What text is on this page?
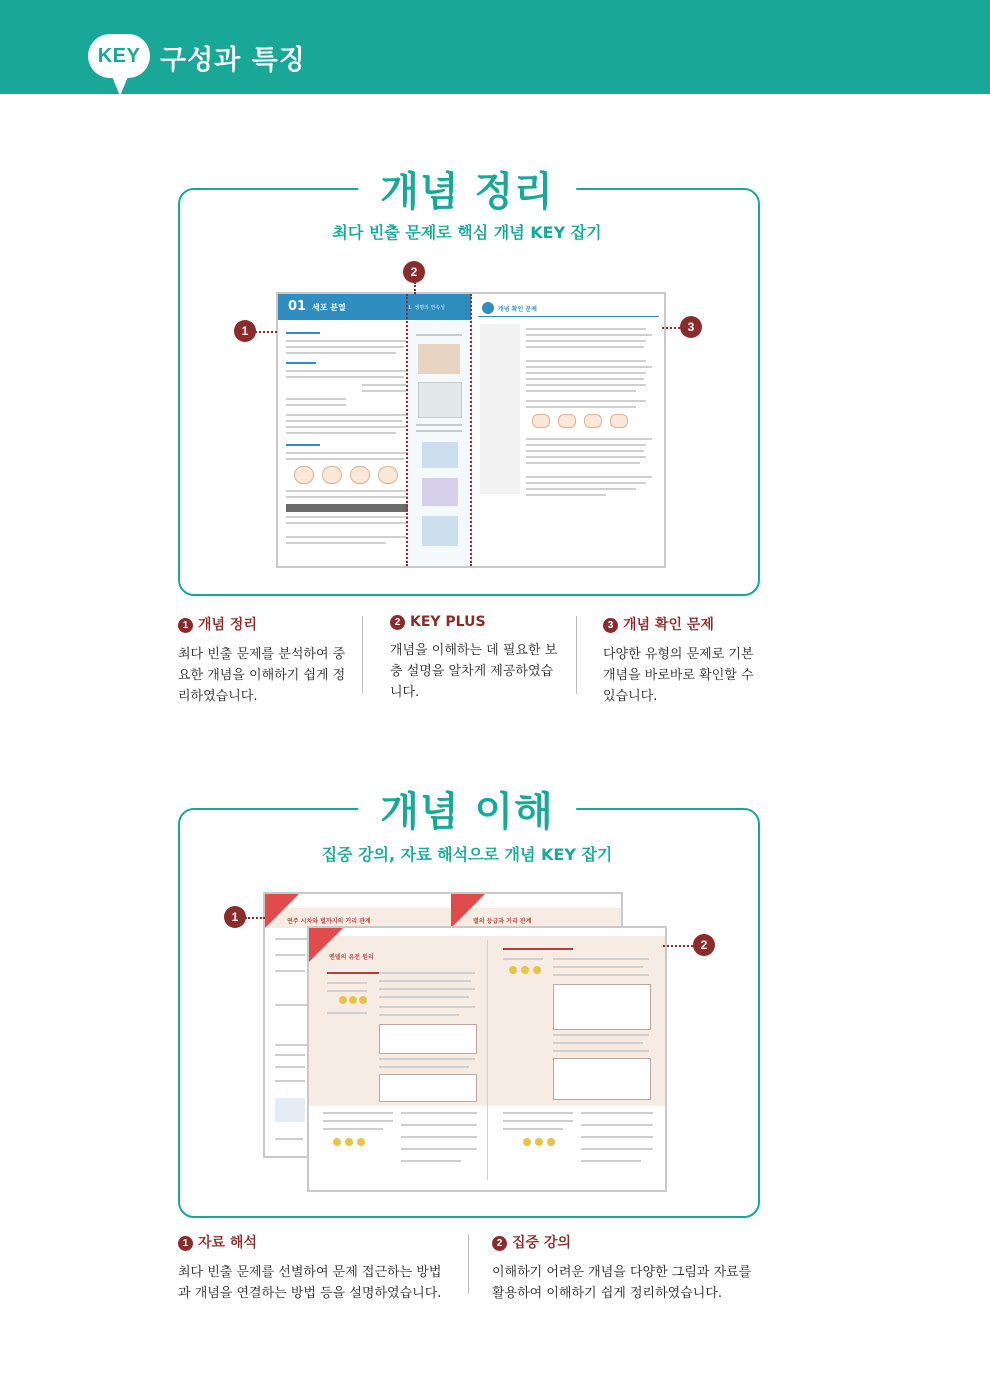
KEY 구성과 특징
개념 정리
최다 빈출 문제로 핵심 개념 KEY 잡기
01 세포 분열	1. 생명의 연속성	개념 확인 문제
1
2
3
1 개념 정리
최다 빈출 문제를 분석하여 중요한 개념을 이해하기 쉽게 정리하였습니다.
2 KEY PLUS
개념을 이해하는 데 필요한 보충 설명을 알차게 제공하였습니다.
3 개념 확인 문제
다양한 유형의 문제로 기본 개념을 바로바로 확인할 수 있습니다.
개념 이해
집중 강의, 자료 해석으로 개념 KEY 잡기
연주 시차와 별까지의 거리 관계	별의 등급과 거리 관계
멘델의 유전 원리
1
2
1 자료 해석
최다 빈출 문제를 선별하여 문제 접근하는 방법과 개념을 연결하는 방법 등을 설명하였습니다.
2 집중 강의
이해하기 어려운 개념을 다양한 그림과 자료를 활용하여 이해하기 쉽게 정리하였습니다.
